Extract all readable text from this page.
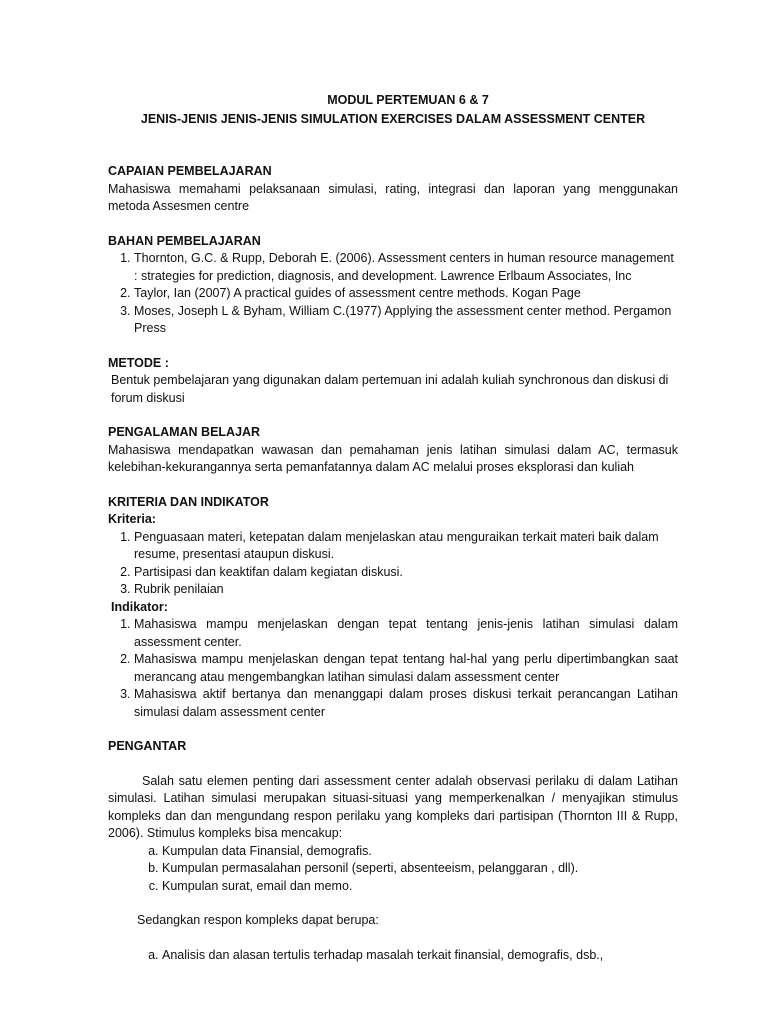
MODUL PERTEMUAN 6 & 7
JENIS-JENIS JENIS-JENIS SIMULATION EXERCISES DALAM ASSESSMENT CENTER
CAPAIAN PEMBELAJARAN
Mahasiswa memahami pelaksanaan simulasi, rating, integrasi dan laporan yang menggunakan metoda Assesmen centre
BAHAN PEMBELAJARAN
1. Thornton, G.C. & Rupp, Deborah E. (2006). Assessment centers in human resource management
: strategies for prediction, diagnosis, and development. Lawrence Erlbaum Associates, Inc
2. Taylor, Ian (2007) A practical guides of assessment centre methods. Kogan Page
3. Moses, Joseph L & Byham, William C.(1977) Applying the assessment center method. Pergamon Press
METODE :
Bentuk pembelajaran yang digunakan dalam pertemuan ini adalah kuliah synchronous dan diskusi di forum diskusi
PENGALAMAN BELAJAR
Mahasiswa mendapatkan wawasan dan pemahaman jenis latihan simulasi dalam AC, termasuk kelebihan-kekurangannya serta pemanfatannya dalam AC melalui proses eksplorasi dan kuliah
KRITERIA DAN INDIKATOR
Kriteria:
1. Penguasaan materi, ketepatan dalam menjelaskan atau menguraikan terkait materi baik dalam resume, presentasi ataupun diskusi.
2. Partisipasi dan keaktifan dalam kegiatan diskusi.
3. Rubrik penilaian
Indikator:
1. Mahasiswa mampu menjelaskan dengan tepat tentang jenis-jenis latihan simulasi dalam assessment center.
2. Mahasiswa mampu menjelaskan dengan tepat tentang hal-hal yang perlu dipertimbangkan saat merancang atau mengembangkan latihan simulasi dalam assessment center
3. Mahasiswa aktif bertanya dan menanggapi dalam proses diskusi terkait perancangan Latihan simulasi dalam assessment center
PENGANTAR
Salah satu elemen penting dari assessment center adalah observasi perilaku di dalam Latihan simulasi. Latihan simulasi merupakan situasi-situasi yang memperkenalkan / menyajikan stimulus kompleks dan dan mengundang respon perilaku yang kompleks dari partisipan (Thornton III & Rupp, 2006). Stimulus kompleks bisa mencakup:
a. Kumpulan data Finansial, demografis.
b. Kumpulan permasalahan personil (seperti, absenteeism, pelanggaran , dll).
c. Kumpulan surat, email dan memo.
Sedangkan respon kompleks dapat berupa:
a. Analisis dan alasan tertulis terhadap masalah terkait finansial, demografis, dsb.,
